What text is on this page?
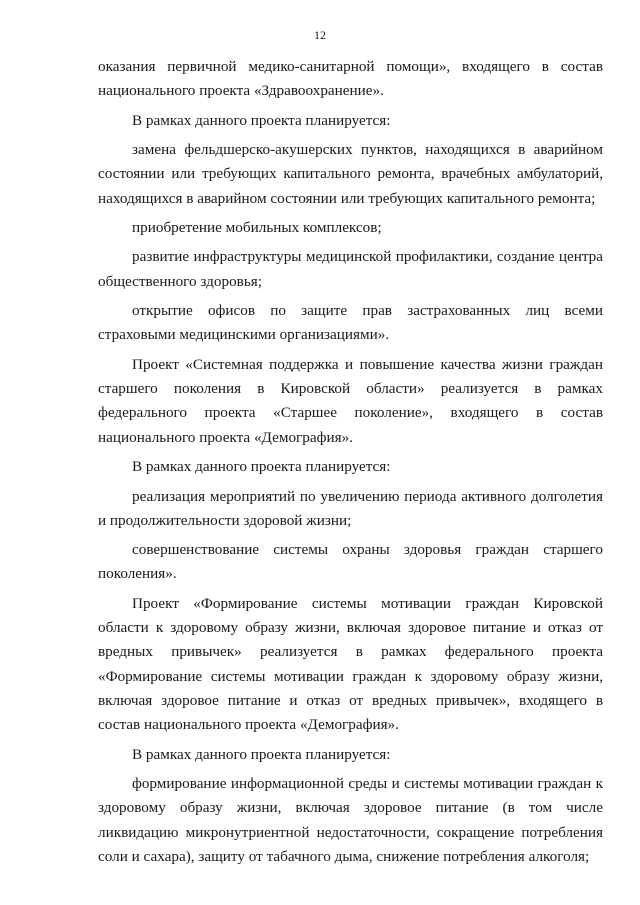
12

оказания первичной медико-санитарной помощи», входящего в состав национального проекта «Здравоохранение».

В рамках данного проекта планируется:

замена фельдшерско-акушерских пунктов, находящихся в аварийном состоянии или требующих капитального ремонта, врачебных амбулаторий, находящихся в аварийном состоянии или требующих капитального ремонта;

приобретение мобильных комплексов;

развитие инфраструктуры медицинской профилактики, создание центра общественного здоровья;

открытие офисов по защите прав застрахованных лиц всеми страховыми медицинскими организациями».

Проект «Системная поддержка и повышение качества жизни граждан старшего поколения в Кировской области» реализуется в рамках федерального проекта «Старшее поколение», входящего в состав национального проекта «Демография».

В рамках данного проекта планируется:

реализация мероприятий по увеличению периода активного долголетия и продолжительности здоровой жизни;

совершенствование системы охраны здоровья граждан старшего поколения».

Проект «Формирование системы мотивации граждан Кировской области к здоровому образу жизни, включая здоровое питание и отказ от вредных привычек» реализуется в рамках федерального проекта «Формирование системы мотивации граждан к здоровому образу жизни, включая здоровое питание и отказ от вредных привычек», входящего в состав национального проекта «Демография».

В рамках данного проекта планируется:

формирование информационной среды и системы мотивации граждан к здоровому образу жизни, включая здоровое питание (в том числе ликвидацию микронутриентной недостаточности, сокращение потребления соли и сахара), защиту от табачного дыма, снижение потребления алкоголя;
